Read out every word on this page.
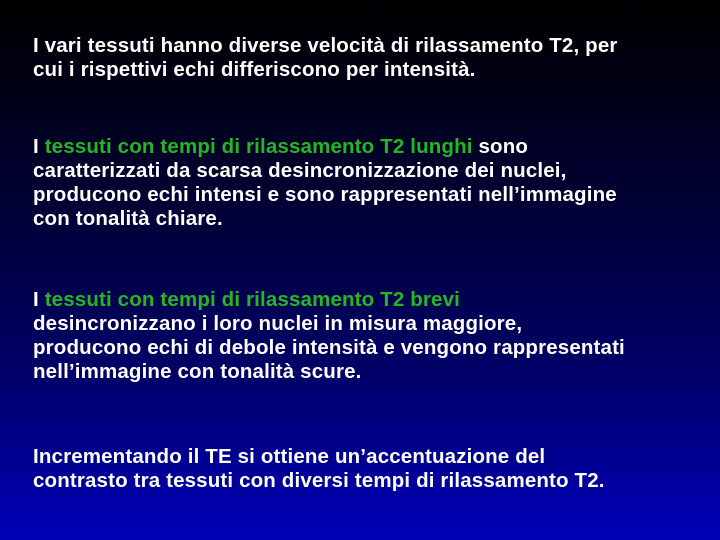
I vari tessuti hanno diverse velocità di rilassamento T2, per
cui i rispettivi echi differiscono per intensità.
I tessuti con tempi di rilassamento T2 lunghi sono
caratterizzati da scarsa desincronizzazione dei nuclei,
producono echi intensi e sono rappresentati nell’immagine
con tonalità chiare.
I tessuti con tempi di rilassamento T2 brevi
desincronizzano i loro nuclei in misura maggiore,
producono echi di debole intensità e vengono rappresentati
nell’immagine con tonalità scure.
Incrementando il TE si ottiene un’accentuazione del
contrasto tra tessuti con diversi tempi di rilassamento T2.
